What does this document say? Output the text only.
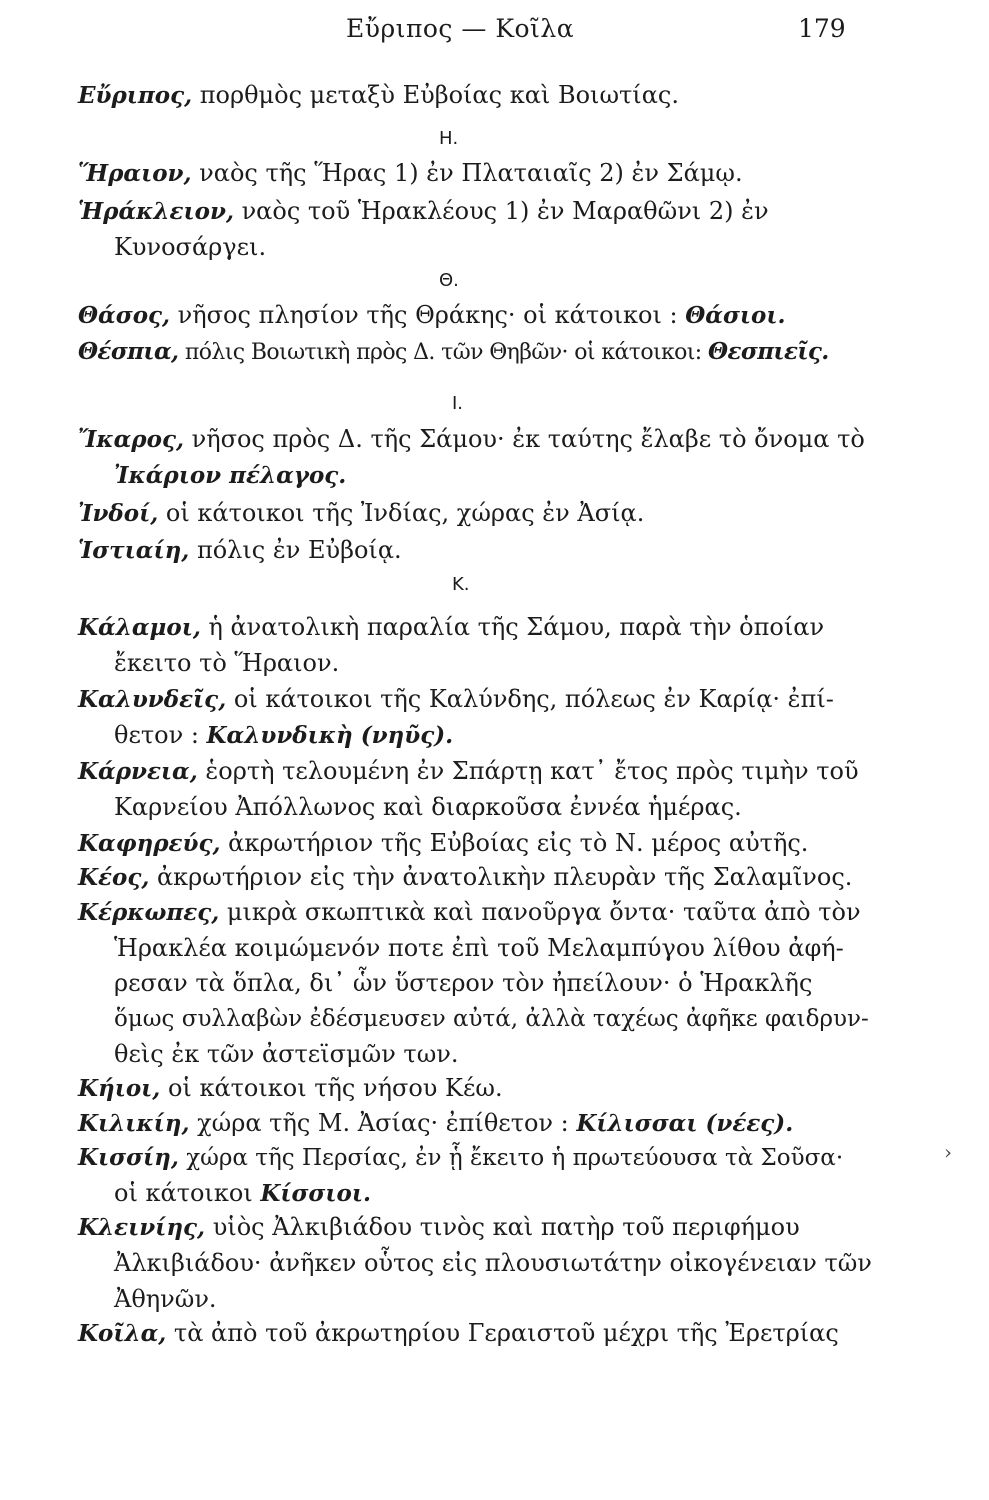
Εὔριπος — Κοῖλα	179
Εὔριπος, πορθμὸς μεταξὺ Εὐβοίας καὶ Βοιωτίας.
Η.
Ἥραιον, ναὸς τῆς Ἥρας 1) ἐν Πλαταιαῖς 2) ἐν Σάμῳ.
Ἡράκλειον, ναὸς τοῦ Ἡρακλέους 1) ἐν Μαραθῶνι 2) ἐν
Κυνοσάργει.
Θ.
Θάσος, νῆσος πλησίον τῆς Θράκης· οἱ κάτοικοι : Θάσιοι.
Θέσπια, πόλις Βοιωτικὴ πρὸς Δ. τῶν Θηβῶν· οἱ κάτοικοι: Θεσπιεῖς.
Ι.
Ἴκαρος, νῆσος πρὸς Δ. τῆς Σάμου· ἐκ ταύτης ἔλαβε τὸ ὄνομα τὸ
Ἰκάριον πέλαγος.
Ἰνδοί, οἱ κάτοικοι τῆς Ἰνδίας, χώρας ἐν Ἀσίᾳ.
Ἱστιαίη, πόλις ἐν Εὐβοίᾳ.
Κ.
Κάλαμοι, ἡ ἀνατολικὴ παραλία τῆς Σάμου, παρὰ τὴν ὁποίαν
ἔκειτο τὸ Ἥραιον.
Καλυνδεῖς, οἱ κάτοικοι τῆς Καλύνδης, πόλεως ἐν Καρίᾳ· ἐπί-
θετον : Καλυνδικὴ (νηῦς).
Κάρνεια, ἑορτὴ τελουμένη ἐν Σπάρτῃ κατ᾽ ἔτος πρὸς τιμὴν τοῦ
Καρνείου Ἀπόλλωνος καὶ διαρκοῦσα ἐννέα ἡμέρας.
Καφηρεύς, ἀκρωτήριον τῆς Εὐβοίας εἰς τὸ Ν. μέρος αὐτῆς.
Κέος, ἀκρωτήριον εἰς τὴν ἀνατολικὴν πλευρὰν τῆς Σαλαμῖνος.
Κέρκωπες, μικρὰ σκωπτικὰ καὶ πανοῦργα ὄντα· ταῦτα ἀπὸ τὸν
Ἡρακλέα κοιμώμενόν ποτε ἐπὶ τοῦ Μελαμπύγου λίθου ἀφή-
ρεσαν τὰ ὅπλα, δι᾽ ὧν ὕστερον τὸν ἠπείλουν· ὁ Ἡρακλῆς
ὅμως συλλαβὼν ἐδέσμευσεν αὐτά, ἀλλὰ ταχέως ἀφῆκε φαιδρυν-
θεὶς ἐκ τῶν ἀστεϊσμῶν των.
Κήιοι, οἱ κάτοικοι τῆς νήσου Κέω.
Κιλικίη, χώρα τῆς Μ. Ἀσίας· ἐπίθετον : Κίλισσαι (νέες).
Κισσίη, χώρα τῆς Περσίας, ἐν ᾗ ἔκειτο ἡ πρωτεύουσα τὰ Σοῦσα·
οἱ κάτοικοι Κίσσιοι.
Κλεινίης, υἱὸς Ἀλκιβιάδου τινὸς καὶ πατὴρ τοῦ περιφήμου
Ἀλκιβιάδου· ἀνῆκεν οὗτος εἰς πλουσιωτάτην οἰκογένειαν τῶν
Ἀθηνῶν.
Κοῖλα, τὰ ἀπὸ τοῦ ἀκρωτηρίου Γεραιστοῦ μέχρι τῆς Ἐρετρίας
›
